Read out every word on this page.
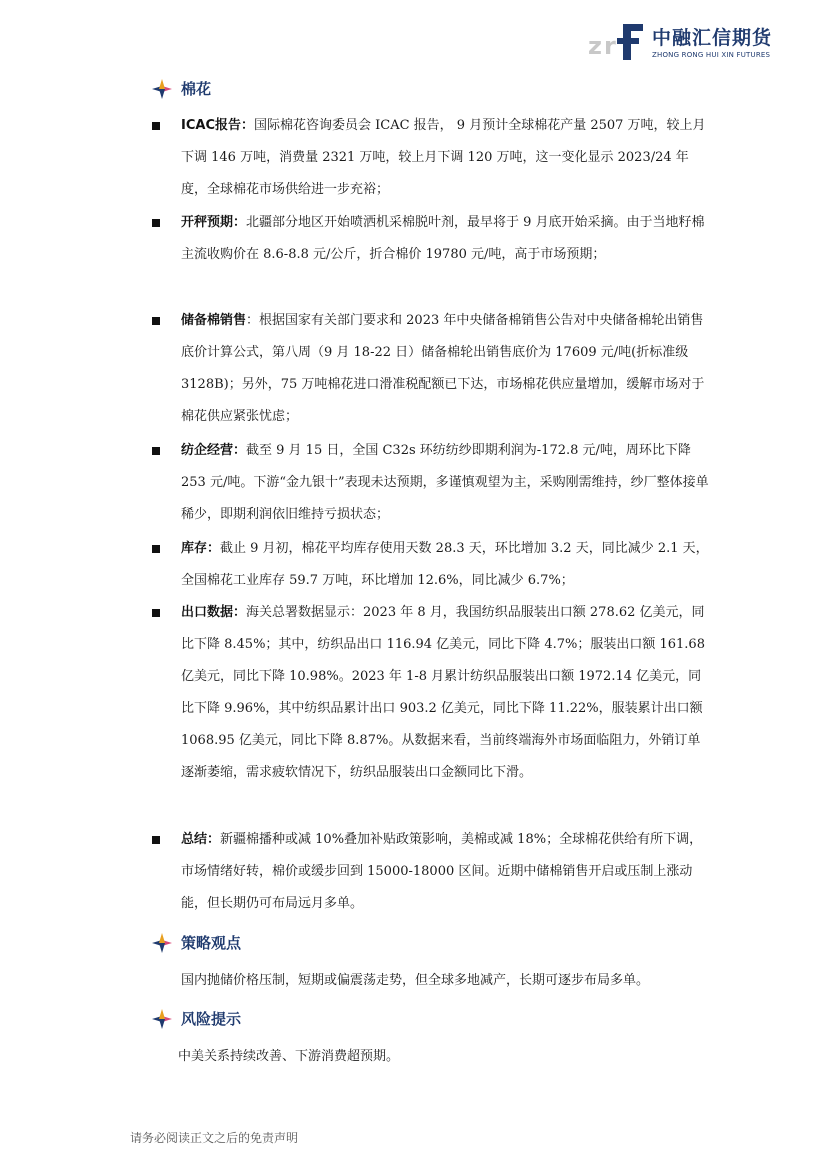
z r 中融汇信期货
ZHONG RONG HUI XIN FUTURES
棉花
ICAC报告：国际棉花咨询委员会 ICAC 报告， 9 月预计全球棉花产量 2507 万吨，较上月下调 146 万吨，消费量 2321 万吨，较上月下调 120 万吨，这一变化显示 2023/24 年度，全球棉花市场供给进一步充裕；
开秤预期：北疆部分地区开始喷洒机采棉脱叶剂，最早将于 9 月底开始采摘。由于当地籽棉主流收购价在 8.6-8.8 元/公斤，折合棉价 19780 元/吨，高于市场预期；
储备棉销售：根据国家有关部门要求和 2023 年中央储备棉销售公告对中央储备棉轮出销售底价计算公式，第八周（9 月 18-22 日）储备棉轮出销售底价为 17609 元/吨(折标准级 3128B)；另外，75 万吨棉花进口滑准税配额已下达，市场棉花供应量增加，缓解市场对于棉花供应紧张忧虑；
纺企经营：截至 9 月 15 日，全国 C32s 环纺纺纱即期利润为-172.8 元/吨，周环比下降 253 元/吨。下游“金九银十”表现未达预期，多谨慎观望为主，采购刚需维持，纱厂整体接单稀少，即期利润依旧维持亏损状态；
库存：截止 9 月初，棉花平均库存使用天数 28.3 天，环比增加 3.2 天，同比减少 2.1 天，全国棉花工业库存 59.7 万吨，环比增加 12.6%，同比减少 6.7%；
出口数据：海关总署数据显示：2023 年 8 月，我国纺织品服装出口额 278.62 亿美元，同比下降 8.45%；其中，纺织品出口 116.94 亿美元，同比下降 4.7%；服装出口额 161.68 亿美元，同比下降 10.98%。2023 年 1-8 月累计纺织品服装出口额 1972.14 亿美元，同比下降 9.96%，其中纺织品累计出口 903.2 亿美元，同比下降 11.22%，服装累计出口额 1068.95 亿美元，同比下降 8.87%。从数据来看，当前终端海外市场面临阻力，外销订单逐渐萎缩，需求疲软情况下，纺织品服装出口金额同比下滑。
总结：新疆棉播种或减 10%叠加补贴政策影响，美棉或减 18%；全球棉花供给有所下调，市场情绪好转，棉价或缓步回到 15000-18000 区间。近期中储棉销售开启或压制上涨动能，但长期仍可布局远月多单。
策略观点
国内抛储价格压制，短期或偏震荡走势，但全球多地减产，长期可逐步布局多单。
风险提示
中美关系持续改善、下游消费超预期。
请务必阅读正文之后的免责声明
